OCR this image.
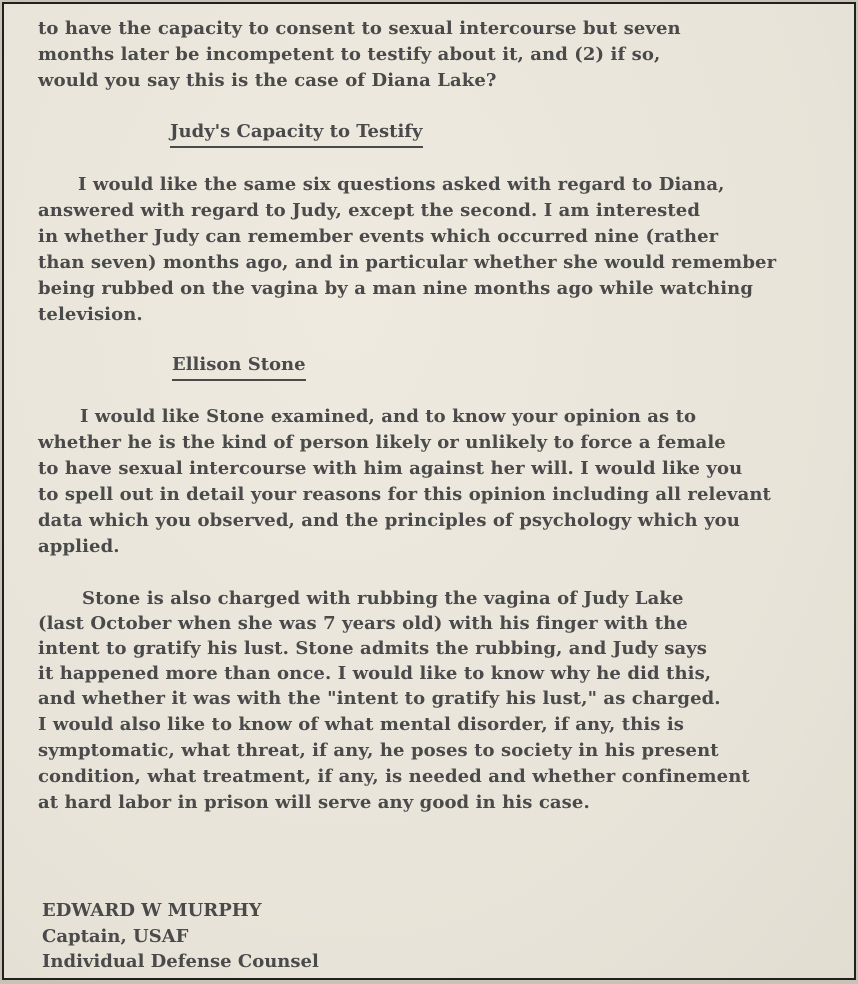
to have the capacity to consent to sexual intercourse but seven

months later be incompetent to testify about it, and (2) if so,

would you say this is the case of Diana Lake?

Judy's Capacity to Testify

I would like the same six questions asked with regard to Diana,

answered with regard to Judy, except the second. I am interested

in whether Judy can remember events which occurred nine (rather

than seven) months ago, and in particular whether she would remember

being rubbed on the vagina by a man nine months ago while watching

television.

Ellison Stone

I would like Stone examined, and to know your opinion as to

whether he is the kind of person likely or unlikely to force a female

to have sexual intercourse with him against her will. I would like you

to spell out in detail your reasons for this opinion including all relevant

data which you observed, and the principles of psychology which you

applied.

Stone is also charged with rubbing the vagina of Judy Lake

(last October when she was 7 years old) with his finger with the

intent to gratify his lust. Stone admits the rubbing, and Judy says

it happened more than once. I would like to know why he did this,

and whether it was with the "intent to gratify his lust," as charged.

I would also like to know of what mental disorder, if any, this is

symptomatic, what threat, if any, he poses to society in his present

condition, what treatment, if any, is needed and whether confinement

at hard labor in prison will serve any good in his case.

EDWARD W MURPHY

Captain, USAF

Individual Defense Counsel
